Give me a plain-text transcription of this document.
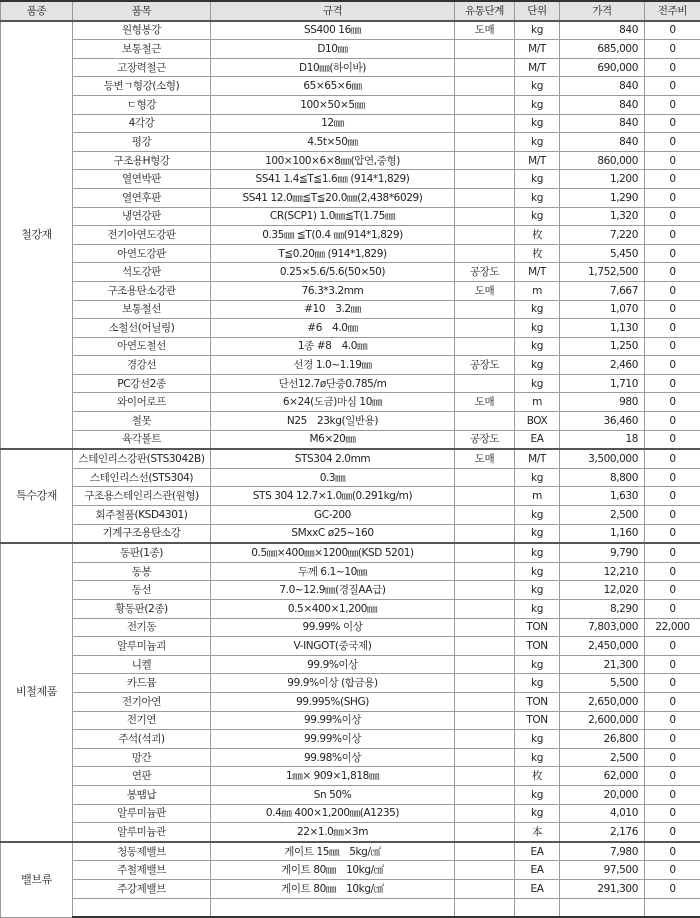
품종	품목	규격	유통단계	단위	가격	전주비
철강재	원형봉강	SS400 16㎜	도매	kg	840	0
	보통철근	D10㎜		M/T	685,000	0
	고장력철근	D10㎜(하이바)		M/T	690,000	0
	등변ㄱ형강(소형)	65×65×6㎜		kg	840	0
	ㄷ형강	100×50×5㎜		kg	840	0
	4각강	12㎜		kg	840	0
	평강	4.5t×50㎜		kg	840	0
	구조용H형강	100×100×6×8㎜(압연,중형)		M/T	860,000	0
	열연박판	SS41 1.4≦T≦1.6㎜ (914*1,829)		kg	1,200	0
	열연후판	SS41 12.0㎜≦T≦20.0㎜(2,438*6029)		kg	1,290	0
	냉연강판	CR(SCP1) 1.0㎜≦T(1.75㎜		kg	1,320	0
	전기아연도강판	0.35㎜ ≦T(0.4 ㎜(914*1,829)		枚	7,220	0
	아연도강판	T≦0.20㎜ (914*1,829)		枚	5,450	0
	석도강판	0.25×5.6/5.6(50×50)	공장도	M/T	1,752,500	0
	구조용탄소강관	76.3*3.2mm	도매	m	7,667	0
	보통철선	#10　3.2㎜		kg	1,070	0
	소철선(어닐링)	#6　4.0㎜		kg	1,130	0
	아연도철선	1종 #8　4.0㎜		kg	1,250	0
	경강선	선경 1.0~1.19㎜	공장도	kg	2,460	0
	PC강선2종	단선12.7ø단중0.785/m		kg	1,710	0
	와이어로프	6×24(도금)마심 10㎜	도매	m	980	0
	철못	N25　23kg(일반용)		BOX	36,460	0
	육각볼트	M6×20㎜	공장도	EA	18	0
특수강재	스테인리스강판(STS3042B)	STS304 2.0mm	도매	M/T	3,500,000	0
	스테인리스선(STS304)	0.3㎜		kg	8,800	0
	구조용스테인리스관(원형)	STS 304 12.7×1.0㎜(0.291kg/m)		m	1,630	0
	회주철품(KSD4301)	GC-200		kg	2,500	0
	기계구조용탄소강	SMxxC ø25~160		kg	1,160	0
비철제품	동판(1종)	0.5㎜×400㎜×1200㎜(KSD 5201)		kg	9,790	0
	동봉	두께 6.1~10㎜		kg	12,210	0
	동선	7.0~12.9㎜(경질AA급)		kg	12,020	0
	황동판(2종)	0.5×400×1,200㎜		kg	8,290	0
	전기동	99.99% 이상		TON	7,803,000	22,000
	알루미늄괴	V-INGOT(중국제)		TON	2,450,000	0
	니켈	99.9%이상		kg	21,300	0
	카드뮴	99.9%이상 (합금용)		kg	5,500	0
	전기아연	99.995%(SHG)		TON	2,650,000	0
	전기연	99.99%이상		TON	2,600,000	0
	주석(석괴)	99.99%이상		kg	26,800	0
	망간	99.98%이상		kg	2,500	0
	연판	1㎜× 909×1,818㎜		枚	62,000	0
	봉땜납	Sn 50%		kg	20,000	0
	알루미늄판	0.4㎜ 400×1,200㎜(A1235)		kg	4,010	0
	알루미늄관	22×1.0㎜×3m		本	2,176	0
밸브류	청동제밸브	게이트 15㎜　5kg/㎠		EA	7,980	0
	주철제밸브	게이트 80㎜　10kg/㎠		EA	97,500	0
	주강제밸브	게이트 80㎜　10kg/㎠		EA	291,300	0
